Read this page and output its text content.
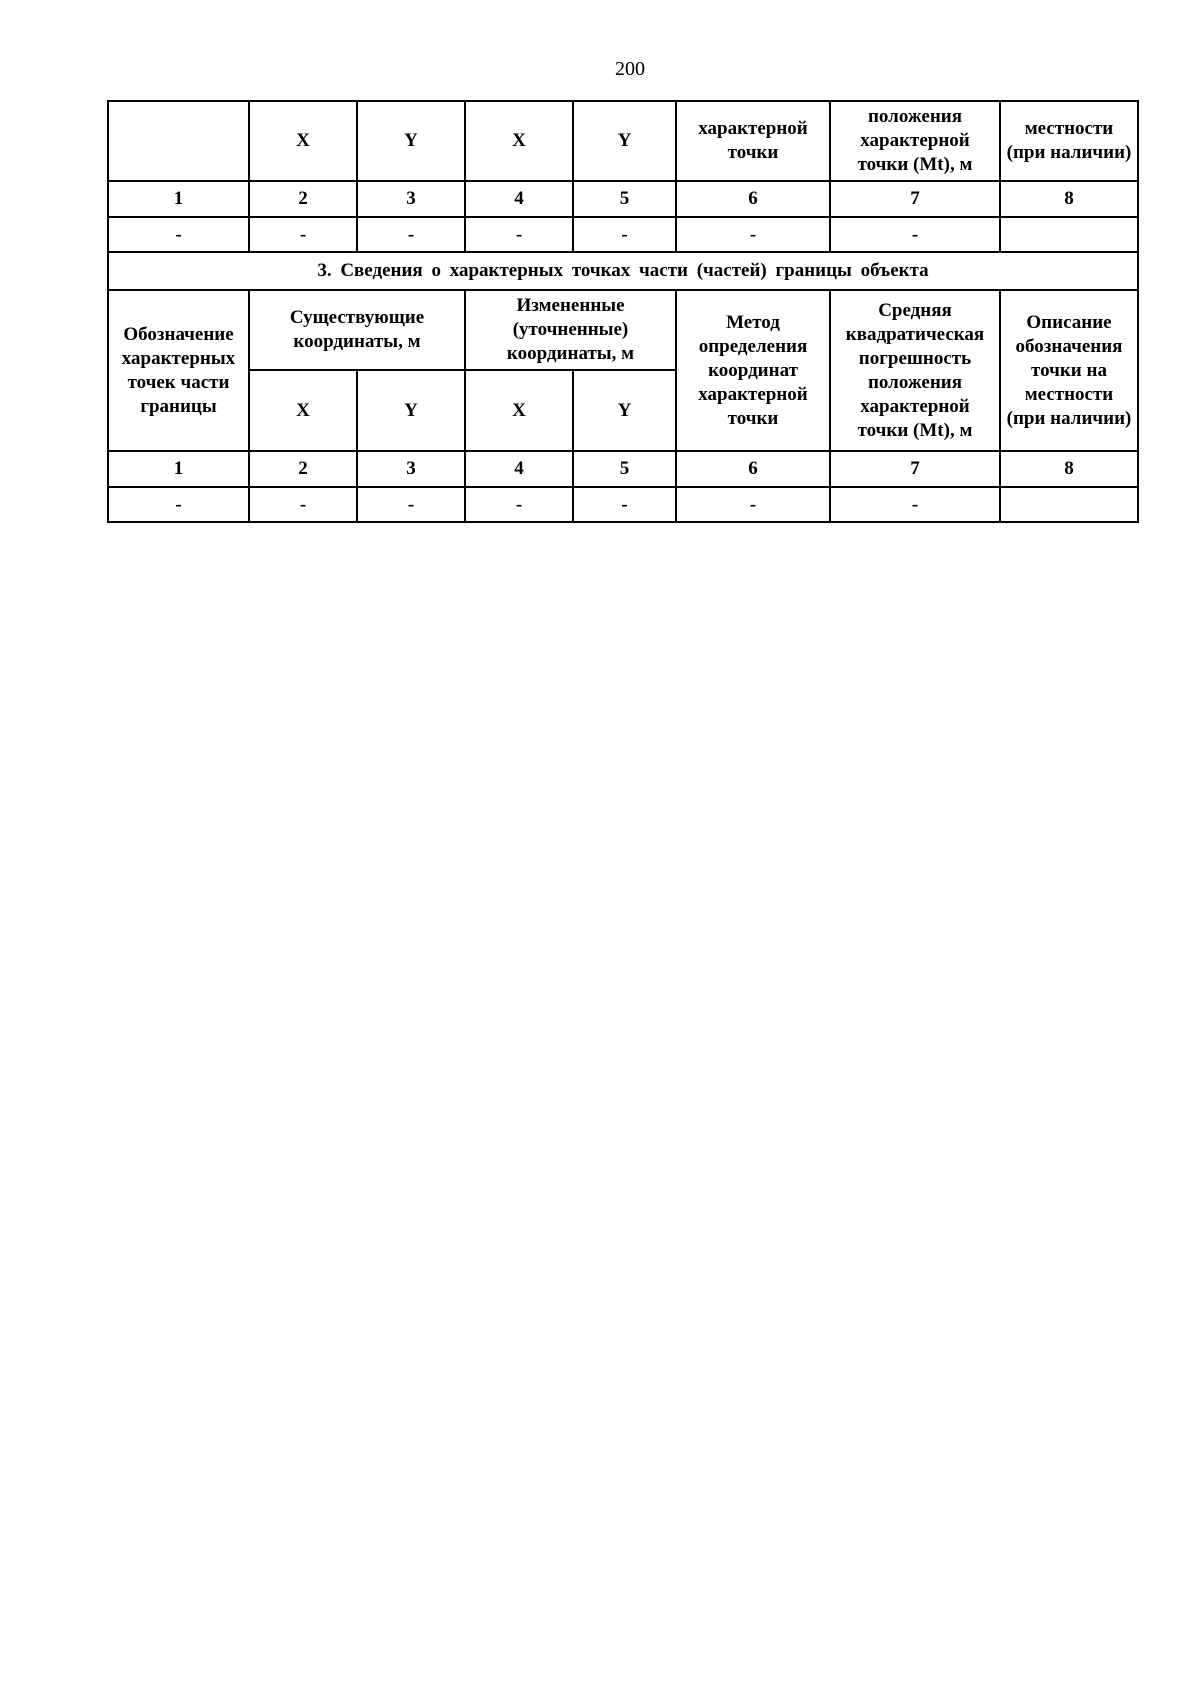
200
	X	Y	X	Y	характерной точки	положения характерной точки (Mt), м	местности (при наличии)
1	2	3	4	5	6	7	8
-	-	-	-	-	-	-	
3. Сведения о характерных точках части (частей) границы объекта							
Обозначение характерных точек части границы	Существующие координаты, м		Измененные (уточненные) координаты, м		Метод определения координат характерной точки	Средняя квадратическая погрешность положения характерной точки (Mt), м	Описание обозначения точки на местности (при наличии)
	X	Y	X	Y			
1	2	3	4	5	6	7	8
-	-	-	-	-	-	-	
